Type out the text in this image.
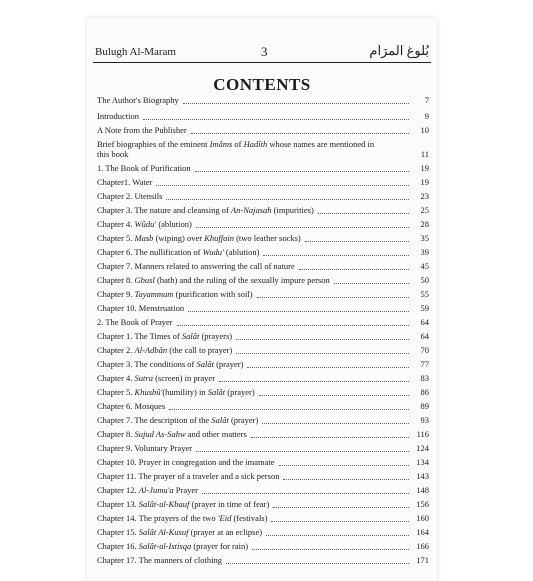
Bulugh Al-Maram	3	بُلوغ المرَام
CONTENTS
The Author's Biography	7
Introduction	9
A Note from the Publisher	10
Brief biographies of the eminent Imâms of Hadîth whose names are mentioned in
this book	11
1. The Book of Purification	19
Chapter1. Water	19
Chapter 2. Utensils	23
Chapter 3. The nature and cleansing of An-Najasah (impurities)	25
Chapter 4. Wûdu' (ablution)	28
Chapter 5. Masb (wiping) over Khuffain (two leather socks)	35
Chapter 6. The nullification of Wudu' (ablution)	39
Chapter 7. Manners related to answering the call of nature	45
Chapter 8. Gbusl (bath) and the ruling of the sexually impure person	50
Chapter 9. Tayammum (purification with soil)	55
Chapter 10. Menstruation	59
2. The Book of Prayer	64
Chapter 1. The Times of Salât (prayers)	64
Chapter 2. Al-Adbân (the call to prayer)	70
Chapter 3. The conditions of Salât (prayer)	77
Chapter 4. Sutra (screen) in prayer	83
Chapter 5. Khusbû'(humility) in Salât (prayer)	86
Chapter 6. Mosques	89
Chapter 7. The description of the Salât (prayer)	93
Chapter 8. Sujud As-Sahw and other matters	116
Chapter 9. Voluntary Prayer	124
Chapter 10. Prayer in congregation and the imamate	134
Chapter 11. The prayer of a traveler and a sick person	143
Chapter 12. Al-Jumu'a Prayer	148
Chapter 13. Salât-ul-Kbauf (prayer in time of fear)	156
Chapter 14. The prayers of the two 'Eid (festivals)	160
Chapter 15. Salât Al-Kusuf (prayer at an eclipse)	164
Chapter 16. Salât-ul-Istisqa (prayer for rain)	166
Chapter 17. The manners of clothing	171
